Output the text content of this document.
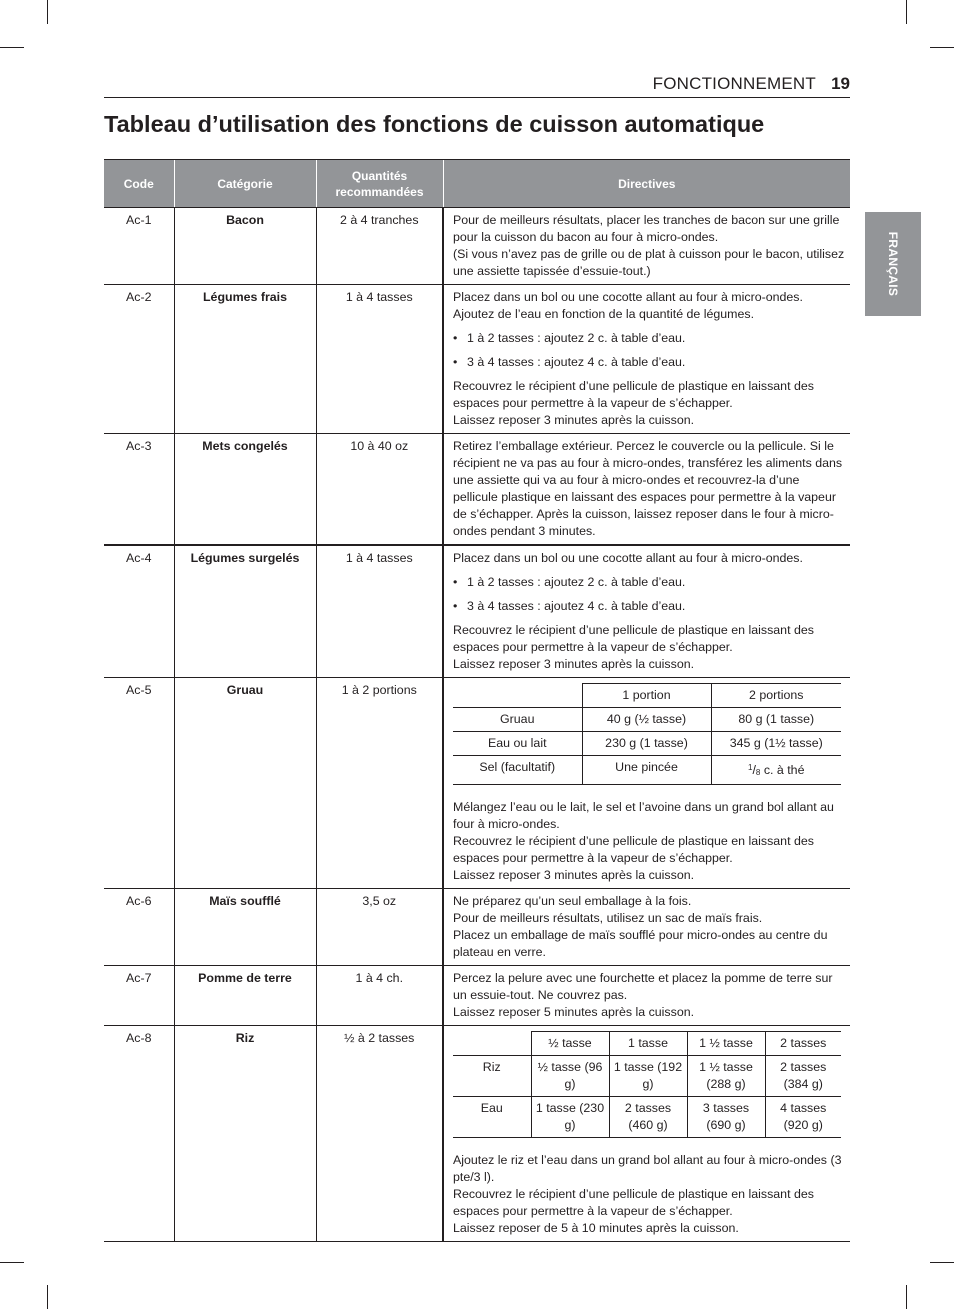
FONCTIONNEMENT 19
Tableau d’utilisation des fonctions de cuisson automatique
FRANÇAIS
Code	Catégorie	Quantités recommandées	Directives
Ac-1	Bacon	2 à 4 tranches	Pour de meilleurs résultats, placer les tranches de bacon sur une grille pour la cuisson du bacon au four à micro-ondes.

(Si vous n’avez pas de grille ou de plat à cuisson pour le bacon, utilisez une assiette tapissée d’essuie-tout.)

Ac-2	Légumes frais	1 à 4 tasses	Placez dans un bol ou une cocotte allant au four à micro-ondes.

Ajoutez de l’eau en fonction de la quantité de légumes.

• 1 à 2 tasses : ajoutez 2 c. à table d’eau.

• 3 à 4 tasses : ajoutez 4 c. à table d’eau.

Recouvrez le récipient d’une pellicule de plastique en laissant des espaces pour permettre à la vapeur de s’échapper.

Laissez reposer 3 minutes après la cuisson.

Ac-3	Mets congelés	10 à 40 oz	Retirez l’emballage extérieur. Percez le couvercle ou la pellicule. Si le récipient ne va pas au four à micro-ondes, transférez les aliments dans une assiette qui va au four à micro-ondes et recouvrez-la d’une pellicule plastique en laissant des espaces pour permettre à la vapeur de s’échapper. Après la cuisson, laissez reposer dans le four à micro-ondes pendant 3 minutes.

Ac-4	Légumes surgelés	1 à 4 tasses	Placez dans un bol ou une cocotte allant au four à micro-ondes.

• 1 à 2 tasses : ajoutez 2 c. à table d’eau.

• 3 à 4 tasses : ajoutez 4 c. à table d’eau.

Recouvrez le récipient d’une pellicule de plastique en laissant des espaces pour permettre à la vapeur de s’échapper.

Laissez reposer 3 minutes après la cuisson.

Ac-5	Gruau	1 à 2 portions	
		1 portion	2 portions
Gruau	40 g (½ tasse)	80 g (1 tasse)
Eau ou lait	230 g (1 tasse)	345 g (1½ tasse)
Sel (facultatif)	Une pincée	$^1/_8$ c. à thé

Mélangez l’eau ou le lait, le sel et l’avoine dans un grand bol allant au four à micro-ondes.

Recouvrez le récipient d’une pellicule de plastique en laissant des espaces pour permettre à la vapeur de s’échapper.

Laissez reposer 3 minutes après la cuisson.

Ac-6	Maïs soufflé	3,5 oz	Ne préparez qu’un seul emballage à la fois.

Pour de meilleurs résultats, utilisez un sac de maïs frais.

Placez un emballage de maïs soufflé pour micro-ondes au centre du plateau en verre.

Ac-7	Pomme de terre	1 à 4 ch.	Percez la pelure avec une fourchette et placez la pomme de terre sur un essuie-tout. Ne couvrez pas.

Laissez reposer 5 minutes après la cuisson.

Ac-8	Riz	½ à 2 tasses	
		½ tasse	1 tasse	1 ½ tasse	2 tasses
Riz	½ tasse (96 g)	1 tasse (192 g)	1 ½ tasse (288 g)	2 tasses (384 g)
Eau	1 tasse (230 g)	2 tasses (460 g)	3 tasses (690 g)	4 tasses (920 g)

Ajoutez le riz et l’eau dans un grand bol allant au four à micro-ondes (3 pte/3 l).

Recouvrez le récipient d’une pellicule de plastique en laissant des espaces pour permettre à la vapeur de s’échapper.

Laissez reposer de 5 à 10 minutes après la cuisson.
